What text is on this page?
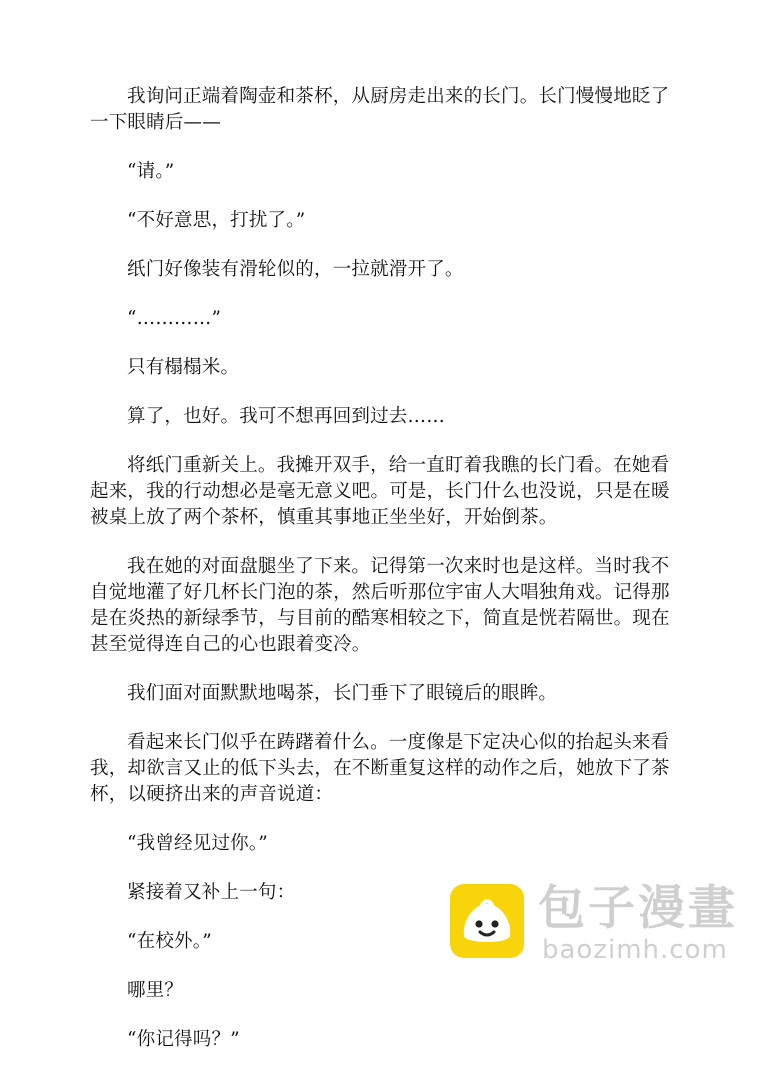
我询问正端着陶壶和茶杯，从厨房走出来的长门。长门慢慢地眨了一下眼睛后——

“请。”

“不好意思，打扰了。”

纸门好像装有滑轮似的，一拉就滑开了。

“…………”

只有榻榻米。

算了，也好。我可不想再回到过去……

将纸门重新关上。我摊开双手，给一直盯着我瞧的长门看。在她看起来，我的行动想必是毫无意义吧。可是，长门什么也没说，只是在暖被桌上放了两个茶杯，慎重其事地正坐坐好，开始倒茶。

我在她的对面盘腿坐了下来。记得第一次来时也是这样。当时我不自觉地灌了好几杯长门泡的茶，然后听那位宇宙人大唱独角戏。记得那是在炎热的新绿季节，与目前的酷寒相较之下，简直是恍若隔世。现在甚至觉得连自己的心也跟着变冷。

我们面对面默默地喝茶，长门垂下了眼镜后的眼眸。

看起来长门似乎在踌躇着什么。一度像是下定决心似的抬起头来看我，却欲言又止的低下头去，在不断重复这样的动作之后，她放下了茶杯，以硬挤出来的声音说道：

“我曾经见过你。”

紧接着又补上一句：

“在校外。”

哪里？

“你记得吗？”

包子漫畫
baozimh.com
